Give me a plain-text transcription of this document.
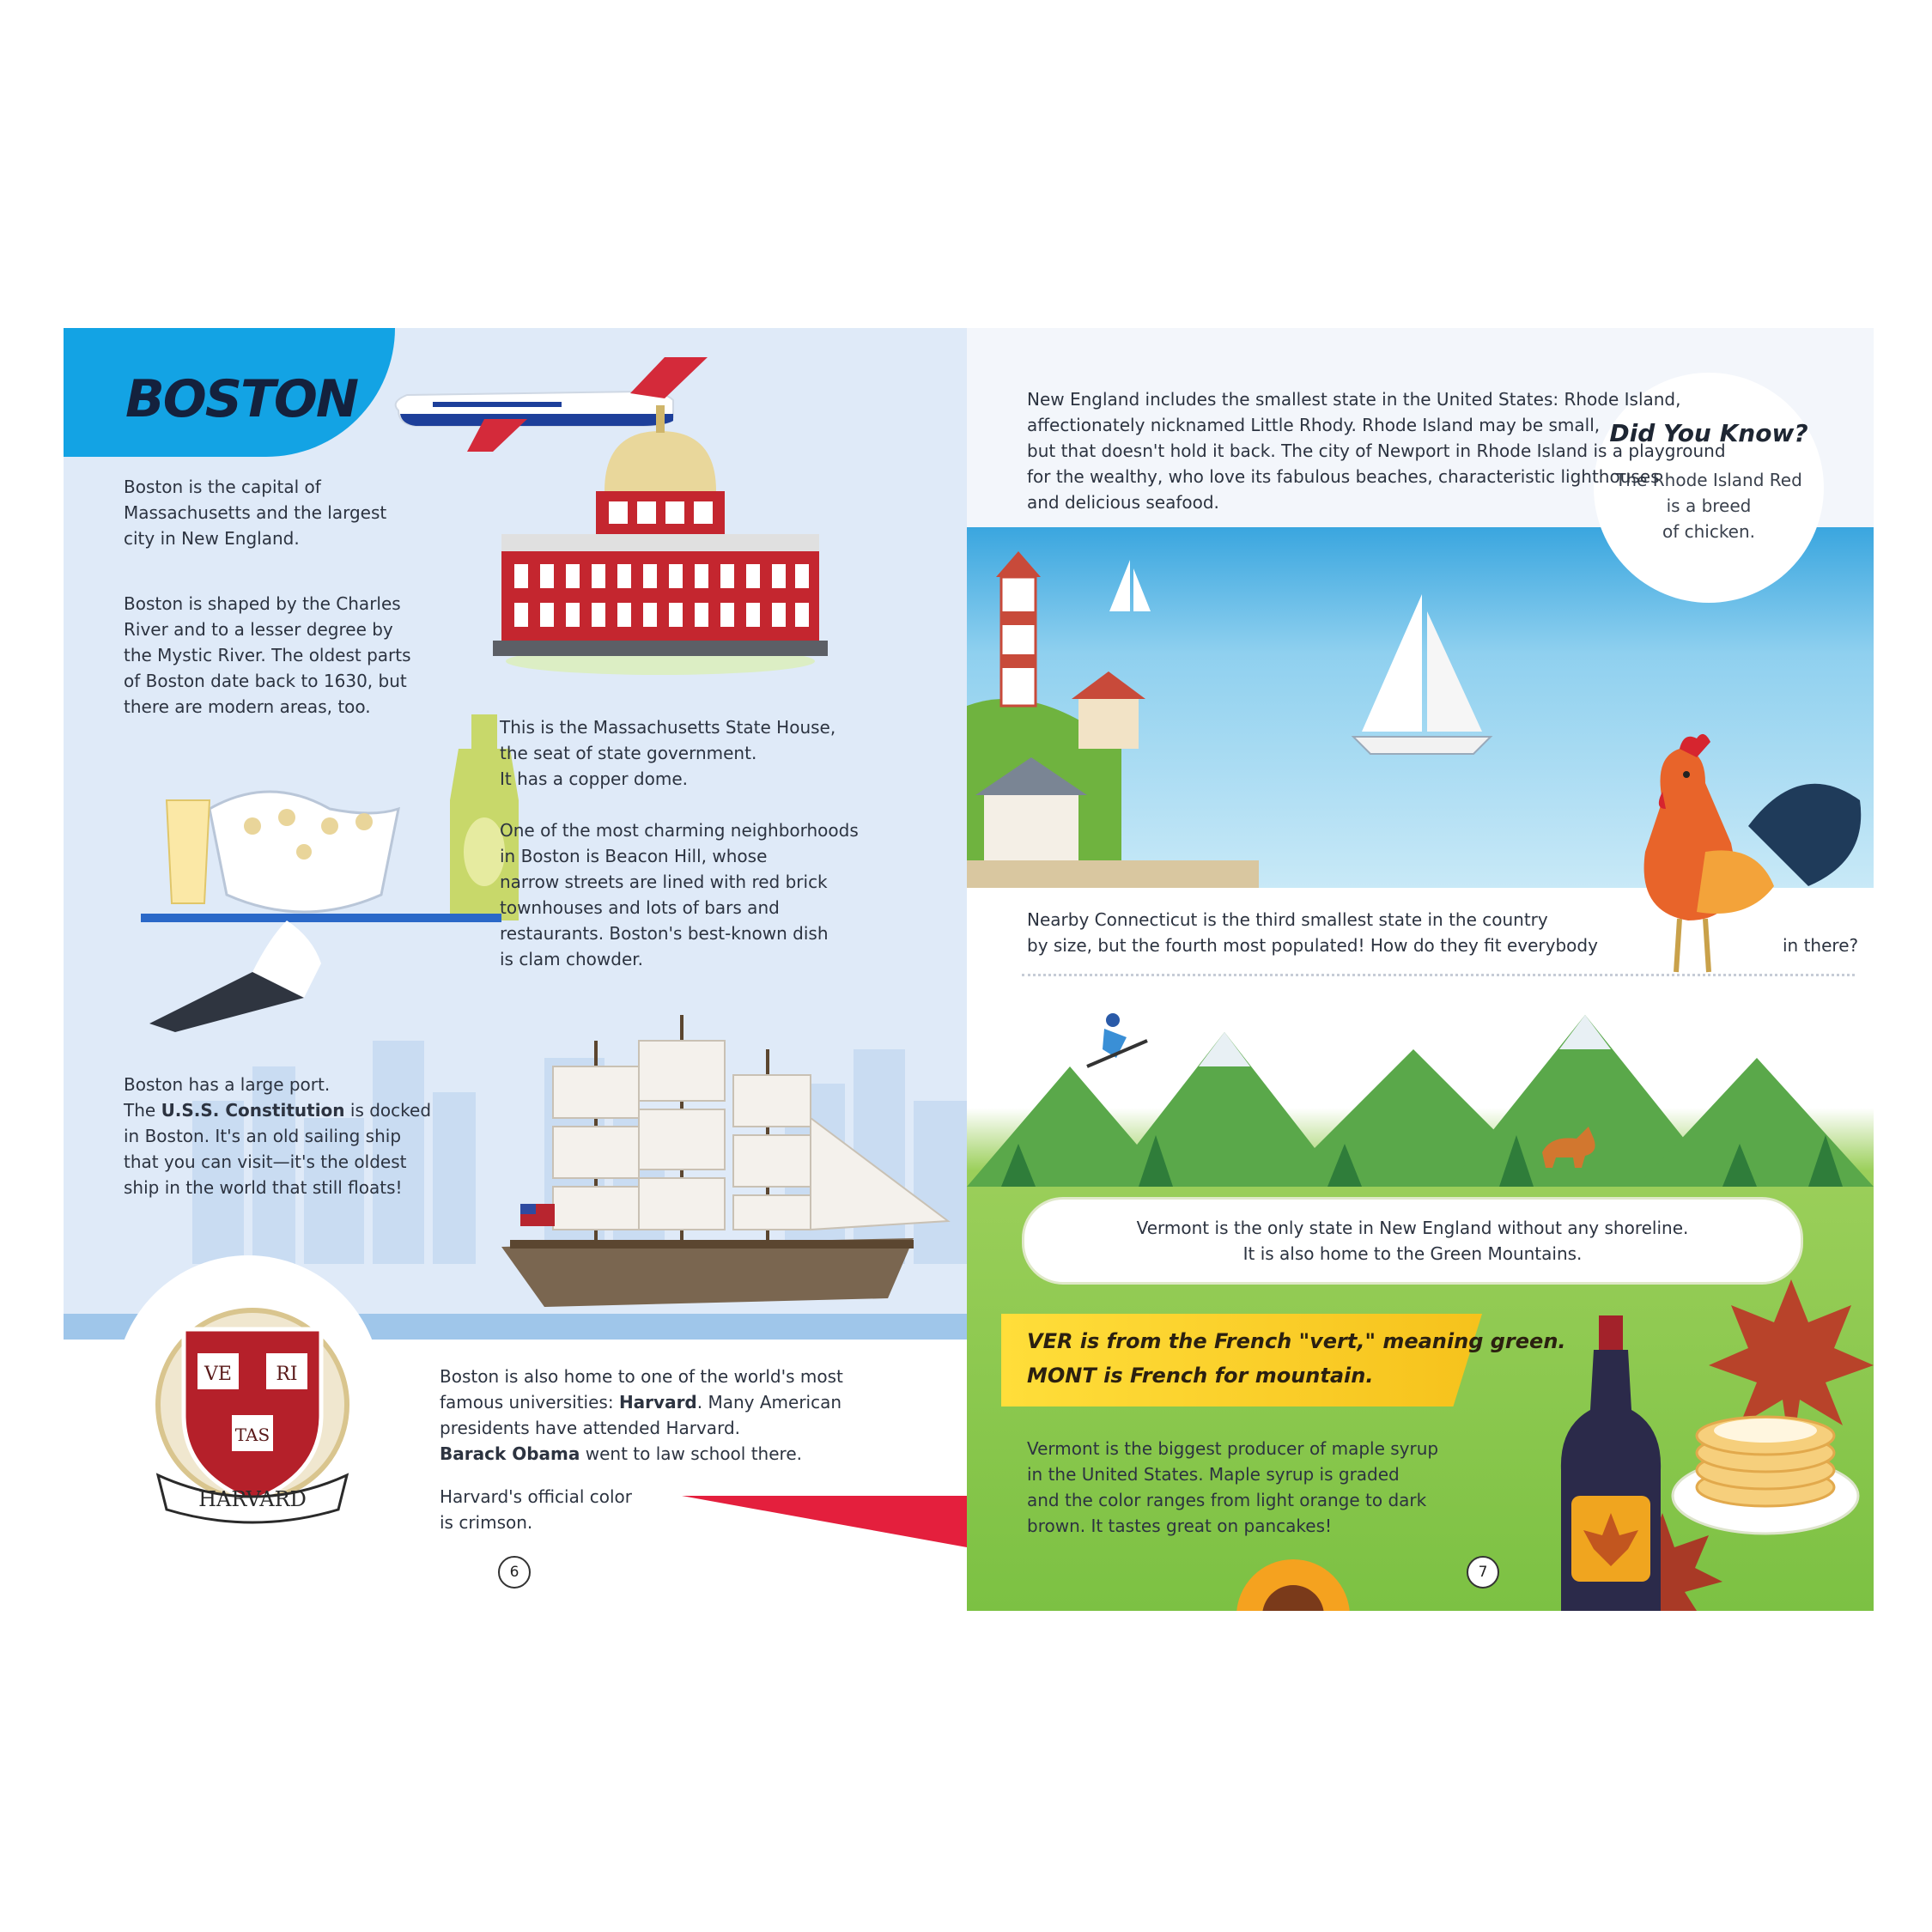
BOSTON
VE RI
TAS
HARVARD
Boston is the capital of
Massachusetts and the largest
city in New England.
Boston is shaped by the Charles
River and to a lesser degree by
the Mystic River. The oldest parts
of Boston date back to 1630, but
there are modern areas, too.
This is the Massachusetts State House,
the seat of state government.
It has a copper dome.
One of the most charming neighborhoods
in Boston is Beacon Hill, whose
narrow streets are lined with red brick
townhouses and lots of bars and
restaurants. Boston's best-known dish
is clam chowder.
Boston has a large port.
The U.S.S. Constitution is docked
in Boston. It's an old sailing ship
that you can visit—it's the oldest
ship in the world that still floats!
Boston is also home to one of the world's most
famous universities: Harvard. Many American
presidents have attended Harvard.
Barack Obama went to law school there.
Harvard's official color
is crimson.
6
Did You Know?
The Rhode Island Red
is a breed
of chicken.
Vermont is the only state in New England without any shoreline.
It is also home to the Green Mountains.
VER is from the French "vert," meaning green.
MONT is French for mountain.
New England includes the smallest state in the United States: Rhode Island,
affectionately nicknamed Little Rhody. Rhode Island may be small,
but that doesn't hold it back. The city of Newport in Rhode Island is a playground
for the wealthy, who love its fabulous beaches, characteristic lighthouses
and delicious seafood.
Nearby Connecticut is the third smallest state in the country
by size, but the fourth most populated! How do they fit everybody	in there?
Vermont is the biggest producer of maple syrup
in the United States. Maple syrup is graded
and the color ranges from light orange to dark
brown. It tastes great on pancakes!
7
